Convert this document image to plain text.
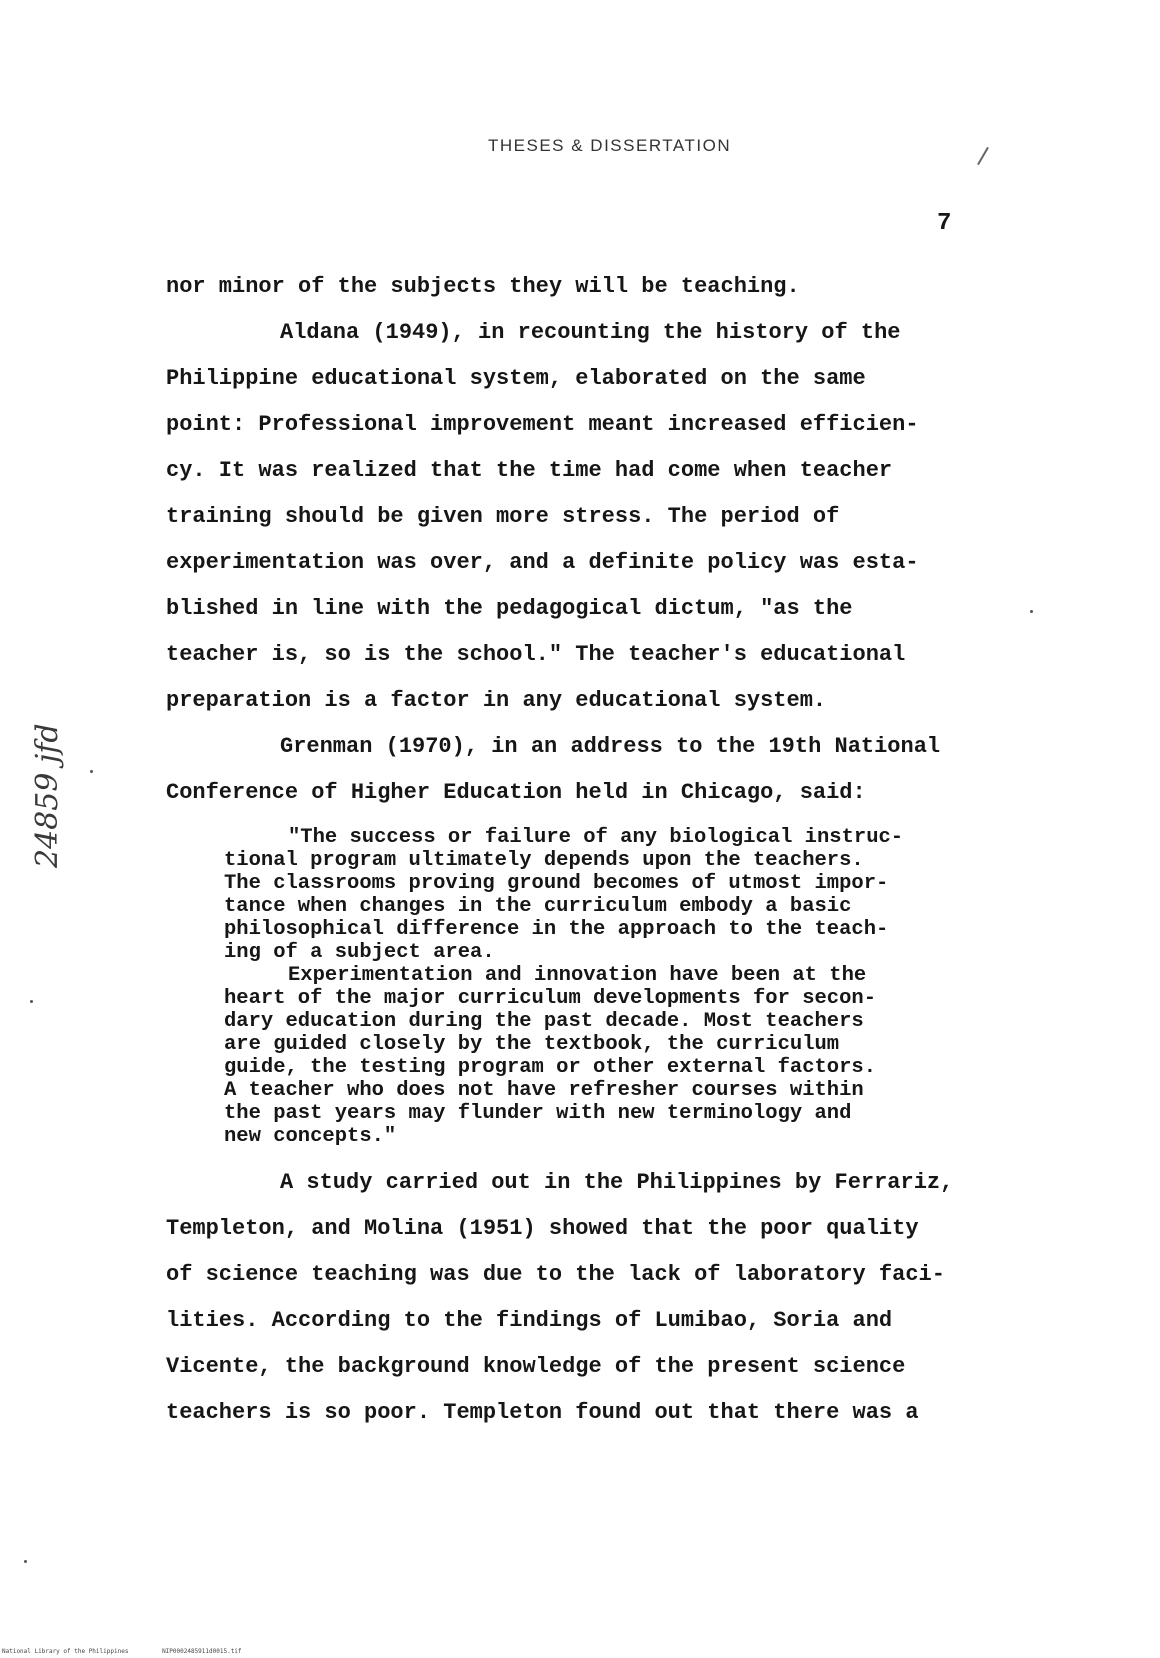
THESES & DISSERTATION
7
nor minor of the subjects they will be teaching.
Aldana (1949), in recounting the history of the
Philippine educational system, elaborated on the same
point: Professional improvement meant increased efficien-
cy. It was realized that the time had come when teacher
training should be given more stress. The period of
experimentation was over, and a definite policy was esta-
blished in line with the pedagogical dictum, "as the
teacher is, so is the school." The teacher's educational
preparation is a factor in any educational system.
Grenman (1970), in an address to the 19th National
Conference of Higher Education held in Chicago, said:
"The success or failure of any biological instruc-
tional program ultimately depends upon the teachers.
The classrooms proving ground becomes of utmost impor-
tance when changes in the curriculum embody a basic
philosophical difference in the approach to the teach-
ing of a subject area.
Experimentation and innovation have been at the
heart of the major curriculum developments for secon-
dary education during the past decade. Most teachers
are guided closely by the textbook, the curriculum
guide, the testing program or other external factors.
A teacher who does not have refresher courses within
the past years may flunder with new terminology and
new concepts."
A study carried out in the Philippines by Ferrariz,
Templeton, and Molina (1951) showed that the poor quality
of science teaching was due to the lack of laboratory faci-
lities. According to the findings of Lumibao, Soria and
Vicente, the background knowledge of the present science
teachers is so poor. Templeton found out that there was a
24859 jfd
National Library of the Philippines	NIP0002485911d0015.tif
